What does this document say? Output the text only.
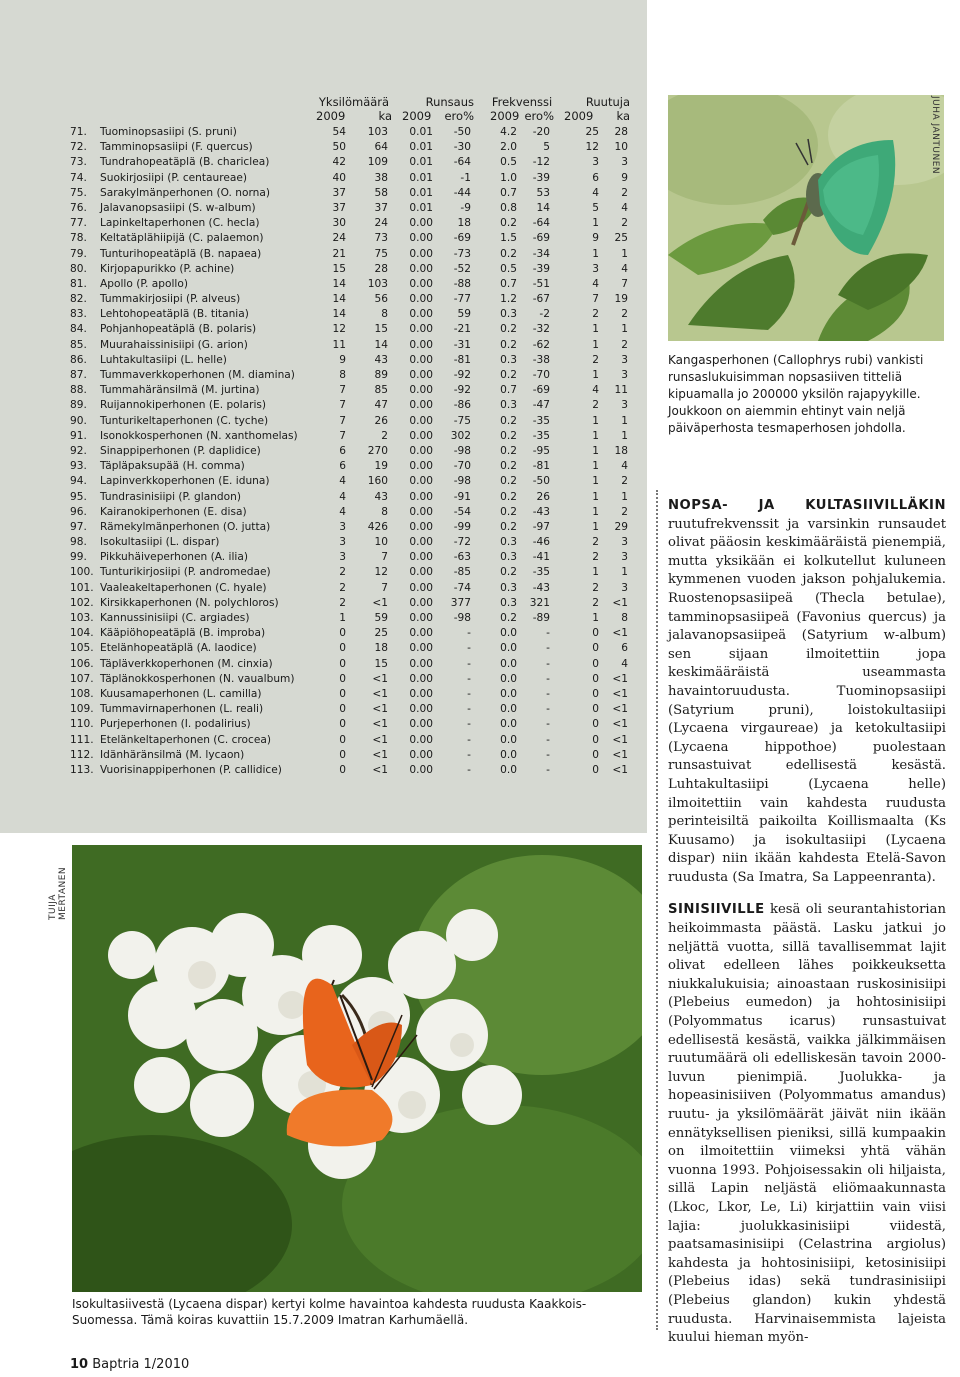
Yksilömäärä
2009	ka
Runsaus
2009 ero%
Frekvenssi
2009 ero%
Ruutuja
2009 ka
71.	Tuominopsasiipi (S. pruni)	54	103	0.01	-50	4.2	-20	25	28
72.	Tamminopsasiipi (F. quercus)	50	64	0.01	-30	2.0	5	12	10
73.	Tundrahopeatäplä (B. chariclea)	42	109	0.01	-64	0.5	-12	3	3
74.	Suokirjosiipi (P. centaureae)	40	38	0.01	-1	1.0	-39	6	9
75.	Sarakylmänperhonen (O. norna)	37	58	0.01	-44	0.7	53	4	2
76.	Jalavanopsasiipi (S. w-album)	37	37	0.01	-9	0.8	14	5	4
77.	Lapinkeltaperhonen (C. hecla)	30	24	0.00	18	0.2	-64	1	2
78.	Keltatäplähiipijä (C. palaemon)	24	73	0.00	-69	1.5	-69	9	25
79.	Tunturihopeatäplä (B. napaea)	21	75	0.00	-73	0.2	-34	1	1
80.	Kirjopapurikko (P. achine)	15	28	0.00	-52	0.5	-39	3	4
81.	Apollo (P. apollo)	14	103	0.00	-88	0.7	-51	4	7
82.	Tummakirjosiipi (P. alveus)	14	56	0.00	-77	1.2	-67	7	19
83.	Lehtohopeatäplä (B. titania)	14	8	0.00	59	0.3	-2	2	2
84.	Pohjanhopeatäplä (B. polaris)	12	15	0.00	-21	0.2	-32	1	1
85.	Muurahaissinisiipi (G. arion)	11	14	0.00	-31	0.2	-62	1	2
86.	Luhtakultasiipi (L. helle)	9	43	0.00	-81	0.3	-38	2	3
87.	Tummaverkkoperhonen (M. diamina)	8	89	0.00	-92	0.2	-70	1	3
88.	Tummahäränsilmä (M. jurtina)	7	85	0.00	-92	0.7	-69	4	11
89.	Ruijannokiperhonen (E. polaris)	7	47	0.00	-86	0.3	-47	2	3
90.	Tunturikeltaperhonen (C. tyche)	7	26	0.00	-75	0.2	-35	1	1
91.	Isonokkosperhonen (N. xanthomelas)	7	2	0.00	302	0.2	-35	1	1
92.	Sinappiperhonen (P. daplidice)	6	270	0.00	-98	0.2	-95	1	18
93.	Täpläpaksupää (H. comma)	6	19	0.00	-70	0.2	-81	1	4
94.	Lapinverkkoperhonen (E. iduna)	4	160	0.00	-98	0.2	-50	1	2
95.	Tundrasinisiipi (P. glandon)	4	43	0.00	-91	0.2	26	1	1
96.	Kairanokiperhonen (E. disa)	4	8	0.00	-54	0.2	-43	1	2
97.	Rämekylmänperhonen (O. jutta)	3	426	0.00	-99	0.2	-97	1	29
98.	Isokultasiipi (L. dispar)	3	10	0.00	-72	0.3	-46	2	3
99.	Pikkuhäiveperhonen (A. ilia)	3	7	0.00	-63	0.3	-41	2	3
100. Tunturikirjosiipi (P. andromedae)	2	12	0.00	-85	0.2	-35	1	1
101. Vaaleakeltaperhonen (C. hyale)	2	7	0.00	-74	0.3	-43	2	3
102. Kirsikkaperhonen (N. polychloros)	2	<1	0.00	377	0.3	321	2	<1
103. Kannussinisiipi (C. argiades)	1	59	0.00	-98	0.2	-89	1	8
104. Kääpiöhopeatäplä (B. improba)	0	25	0.00	-	0.0	-	0	<1
105. Etelänhopeatäplä (A. laodice)	0	18	0.00	-	0.0	-	0	6
106. Täpläverkkoperhonen (M. cinxia)	0	15	0.00	-	0.0	-	0	4
107. Täplänokkosperhonen (N. vaualbum)	0	<1	0.00	-	0.0	-	0	<1
108. Kuusamaperhonen (L. camilla)	0	<1	0.00	-	0.0	-	0	<1
109. Tummavirnaperhonen (L. reali)	0	<1	0.00	-	0.0	-	0	<1
110. Purjeperhonen (I. podalirius)	0	<1	0.00	-	0.0	-	0	<1
111. Etelänkeltaperhonen (C. crocea)	0	<1	0.00	-	0.0	-	0	<1
112. Idänhäränsilmä (M. lycaon)	0	<1	0.00	-	0.0	-	0	<1
113. Vuorisinappiperhonen (P. callidice)	0	<1	0.00	-	0.0	-	0	<1
JUHA JANTUNEN
Kangasperhonen (Callophrys rubi) vankisti runsaslukuisimman nopsasiiven titteliä kipuamalla jo 200000 yksilön rajapyykille. Joukkoon on aiemmin ehtinyt vain neljä päiväperhosta tesmaperhosen johdolla.
TUIJA MERTANEN
Isokultasiivestä (Lycaena dispar) kertyi kolme havaintoa kahdesta ruudusta Kaakkois-Suomessa. Tämä koiras kuvattiin 15.7.2009 Imatran Karhumäellä.

NOPSA- JA KULTASIIVILLÄKIN ruutufrekvenssit ja varsinkin runsaudet olivat pääosin keskimääräistä pienempiä, mutta yksikään ei kolkutellut kuluneen kymmenen vuoden jakson pohjalukemia. Ruostenopsasiipeä (Thecla betulae), tamminopsasiipeä (Favonius quercus) ja jalavanopsasiipeä (Satyrium w-album) sen sijaan ilmoitettiin jopa keskimääräistä useammasta havaintoruudusta. Tuominopsasiipi (Satyrium pruni), loistokultasiipi (Lycaena virgaureae) ja ketokultasiipi (Lycaena hippothoe) puolestaan runsastuivat edellisestä kesästä. Luhtakultasiipi (Lycaena helle) ilmoitettiin vain kahdesta ruudusta perinteisiltä paikoilta Koillismaalta (Ks Kuusamo) ja isokultasiipi (Lycaena dispar) niin ikään kahdesta Etelä-Savon ruudusta (Sa Imatra, Sa Lappeenranta).

SINISIIVILLE kesä oli seurantahistorian heikoimmasta päästä. Lasku jatkui jo neljättä vuotta, sillä tavallisemmat lajit olivat edelleen lähes poikkeuksetta niukkalukuisia; ainoastaan ruskosinisiipi (Plebeius eumedon) ja hohtosinisiipi (Polyommatus icarus) runsastuivat edellisestä kesästä, vaikka jälkimmäisen ruutumäärä oli edelliskesän tavoin 2000-luvun pienimpiä. Juolukka- ja hopeasinisiiven (Polyommatus amandus) ruutu- ja yksilömäärät jäivät niin ikään ennätyksellisen pieniksi, sillä kumpaakin on ilmoitettiin viimeksi yhtä vähän vuonna 1993. Pohjoisessakin oli hiljaista, sillä Lapin neljästä eliömaakunnasta (Lkoc, Lkor, Le, Li) kirjattiin vain viisi lajia: juolukkasinisiipi viidestä, paatsamasinisiipi (Celastrina argiolus) kahdesta ja hohtosinisiipi, ketosinisiipi (Plebeius idas) sekä tundrasinisiipi (Plebeius glandon) kukin yhdestä ruudusta. Harvinaisemmista lajeista kuului hieman myön-

10 Baptria 1/2010
